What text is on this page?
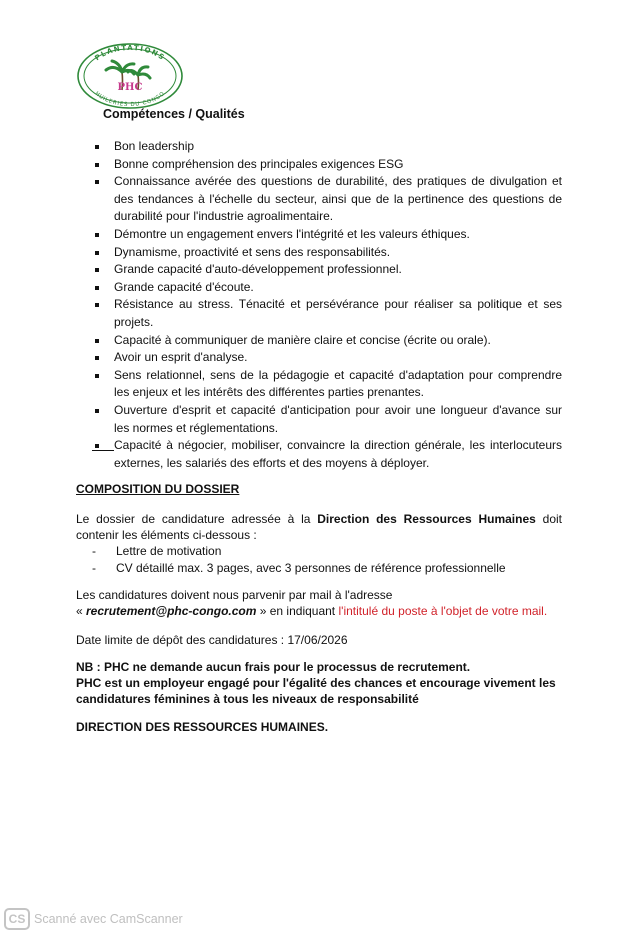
PLANTATIONS
HUILERIES DU CONGO
PHC
Compétences / Qualités
Bon leadership
Bonne compréhension des principales exigences ESG
Connaissance avérée des questions de durabilité, des pratiques de divulgation et des tendances à l'échelle du secteur, ainsi que de la pertinence des questions de durabilité pour l'industrie agroalimentaire.
Démontre un engagement envers l'intégrité et les valeurs éthiques.
Dynamisme, proactivité et sens des responsabilités.
Grande capacité d'auto-développement professionnel.
Grande capacité d'écoute.
Résistance au stress. Ténacité et persévérance pour réaliser sa politique et ses projets.
Capacité à communiquer de manière claire et concise (écrite ou orale).
Avoir un esprit d'analyse.
Sens relationnel, sens de la pédagogie et capacité d'adaptation pour comprendre les enjeux et les intérêts des différentes parties prenantes.
Ouverture d'esprit et capacité d'anticipation pour avoir une longueur d'avance sur les normes et réglementations.
Capacité à négocier, mobiliser, convaincre la direction générale, les interlocuteurs externes, les salariés des efforts et des moyens à déployer.
COMPOSITION DU DOSSIER

Le dossier de candidature adressée à la Direction des Ressources Humaines doit contenir les éléments ci-dessous :

- Lettre de motivation
- CV détaillé max. 3 pages, avec 3 personnes de référence professionnelle

Les candidatures doivent nous parvenir par mail à l'adresse
« recrutement@phc-congo.com » en indiquant l'intitulé du poste à l'objet de votre mail.

Date limite de dépôt des candidatures : 17/06/2026

NB : PHC ne demande aucun frais pour le processus de recrutement.

PHC est un employeur engagé pour l'égalité des chances et encourage vivement les candidatures féminines à tous les niveaux de responsabilité

DIRECTION DES RESSOURCES HUMAINES.

CS Scanné avec CamScanner
